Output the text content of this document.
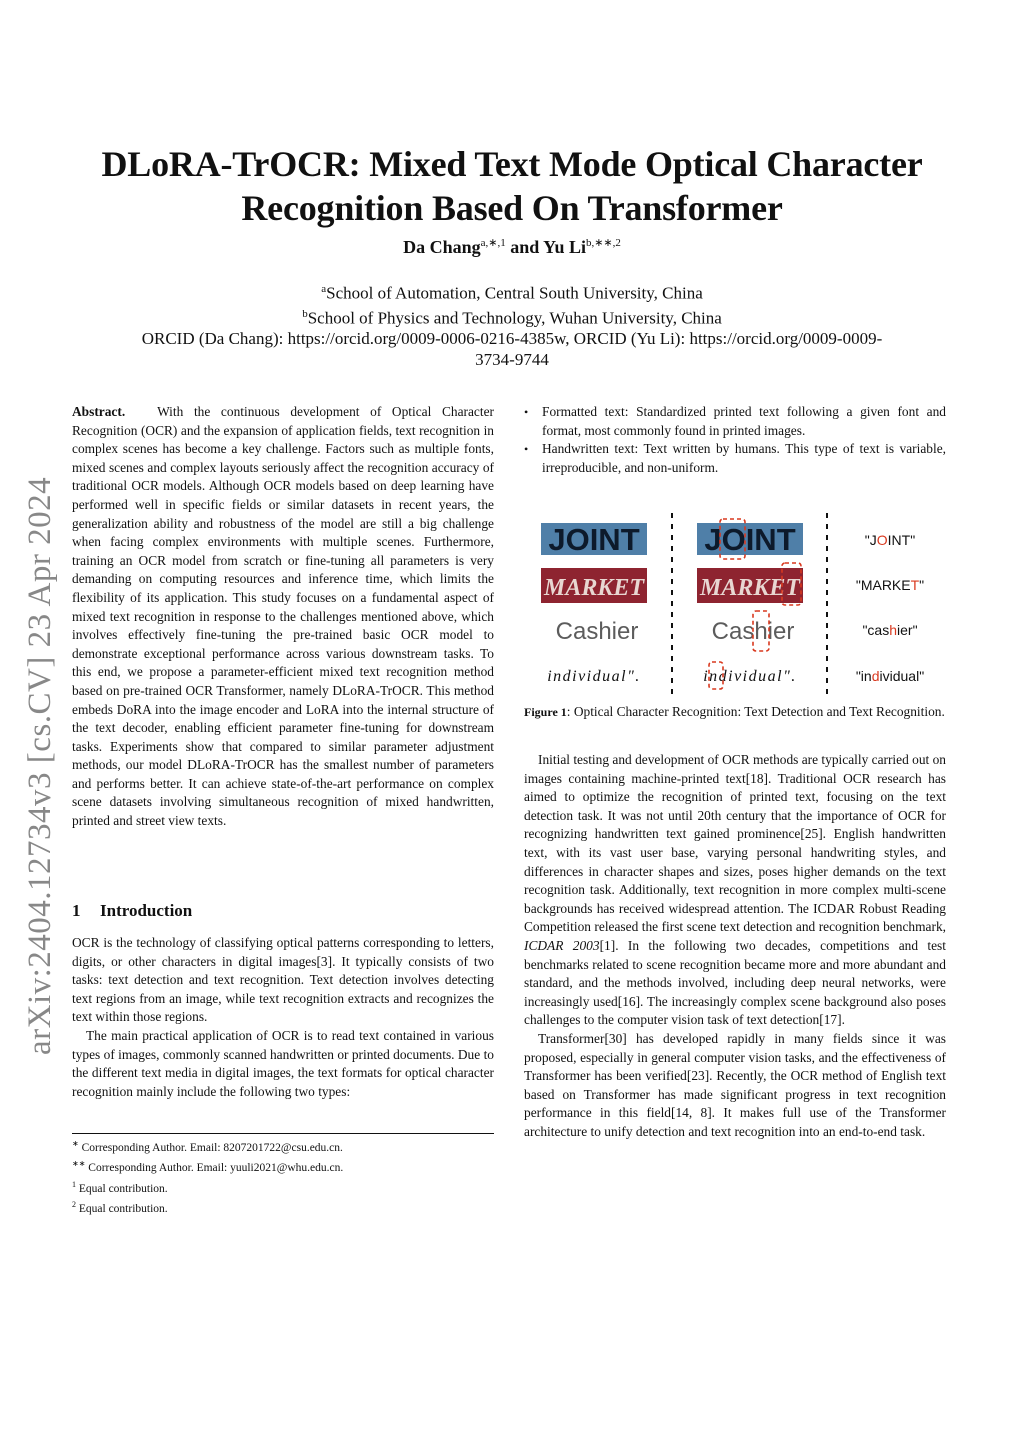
DLoRA-TrOCR: Mixed Text Mode Optical Character Recognition Based On Transformer
Da Chang$^{a,∗,1}$ and Yu $Li^{b,∗∗,2}$
$^a$School of Automation, Central South University, China
$^b$School of Physics and Technology, Wuhan University, China
ORCID (Da Chang): https://orcid.org/0009-0006-0216-4385w, ORCID (Yu Li): https://orcid.org/0009-0009-3734-9744
arXiv:2404.12734v3 [cs.CV] 23 Apr 2024

Abstract. With the continuous development of Optical Character Recognition (OCR) and the expansion of application fields, text recognition in complex scenes has become a key challenge. Factors such as multiple fonts, mixed scenes and complex layouts seriously affect the recognition accuracy of traditional OCR models. Although OCR models based on deep learning have performed well in specific fields or similar datasets in recent years, the generalization ability and robustness of the model are still a big challenge when facing complex environments with multiple scenes. Furthermore, training an OCR model from scratch or fine-tuning all parameters is very demanding on computing resources and inference time, which limits the flexibility of its application. This study focuses on a fundamental aspect of mixed text recognition in response to the challenges mentioned above, which involves effectively fine-tuning the pre-trained basic OCR model to demonstrate exceptional performance across various downstream tasks. To this end, we propose a parameter-efficient mixed text recognition method based on pre-trained OCR Transformer, namely DLoRA-TrOCR. This method embeds DoRA into the image encoder and LoRA into the internal structure of the text decoder, enabling efficient parameter fine-tuning for downstream tasks. Experiments show that compared to similar parameter adjustment methods, our model DLoRA-TrOCR has the smallest number of parameters and performs better. It can achieve state-of-the-art performance on complex scene datasets involving simultaneous recognition of mixed handwritten, printed and street view texts.

1 Introduction

OCR is the technology of classifying optical patterns corresponding to letters, digits, or other characters in digital images[3]. It typically consists of two tasks: text detection and text recognition. Text detection involves detecting text regions from an image, while text recognition extracts and recognizes the text within those regions.

The main practical application of OCR is to read text contained in various types of images, commonly scanned handwritten or printed documents. Due to the different text media in digital images, the text formats for optical character recognition mainly include the following two types:

∗ Corresponding Author. Email: 8207201722@csu.edu.cn.
∗∗ Corresponding Author. Email: yuuli2021@whu.edu.cn.
$^1$ Equal contribution.
$^2$ Equal contribution.
•	Formatted text: Standardized printed text following a given font and format, most commonly found in printed images.
•	Handwritten text: Text written by humans. This type of text is variable, irreproducible, and non-uniform.
JOINT
MARKET
Cashier
individual".
JOINT
MARKET
Cashier
individual".
"JOINT"
"MARKET"
"cashier"
"individual"
Figure 1: Optical Character Recognition: Text Detection and Text Recognition.

Initial testing and development of OCR methods are typically carried out on images containing machine-printed text[18]. Traditional OCR research has aimed to optimize the recognition of printed text, focusing on the text detection task. It was not until 20th century that the importance of OCR for recognizing handwritten text gained prominence[25]. English handwritten text, with its vast user base, varying personal handwriting styles, and differences in character shapes and sizes, poses higher demands on the text recognition task. Additionally, text recognition in more complex multi-scene backgrounds has received widespread attention. The ICDAR Robust Reading Competition released the first scene text detection and recognition benchmark, ICDAR 2003[1]. In the following two decades, competitions and test benchmarks related to scene recognition became more and more abundant and standard, and the methods involved, including deep neural networks, were increasingly used[16]. The increasingly complex scene background also poses challenges to the computer vision task of text detection[17].

Transformer[30] has developed rapidly in many fields since it was proposed, especially in general computer vision tasks, and the effectiveness of Transformer has been verified[23]. Recently, the OCR method of English text based on Transformer has made significant progress in text recognition performance in this field[14, 8]. It makes full use of the Transformer architecture to unify detection and text recognition into an end-to-end task.
